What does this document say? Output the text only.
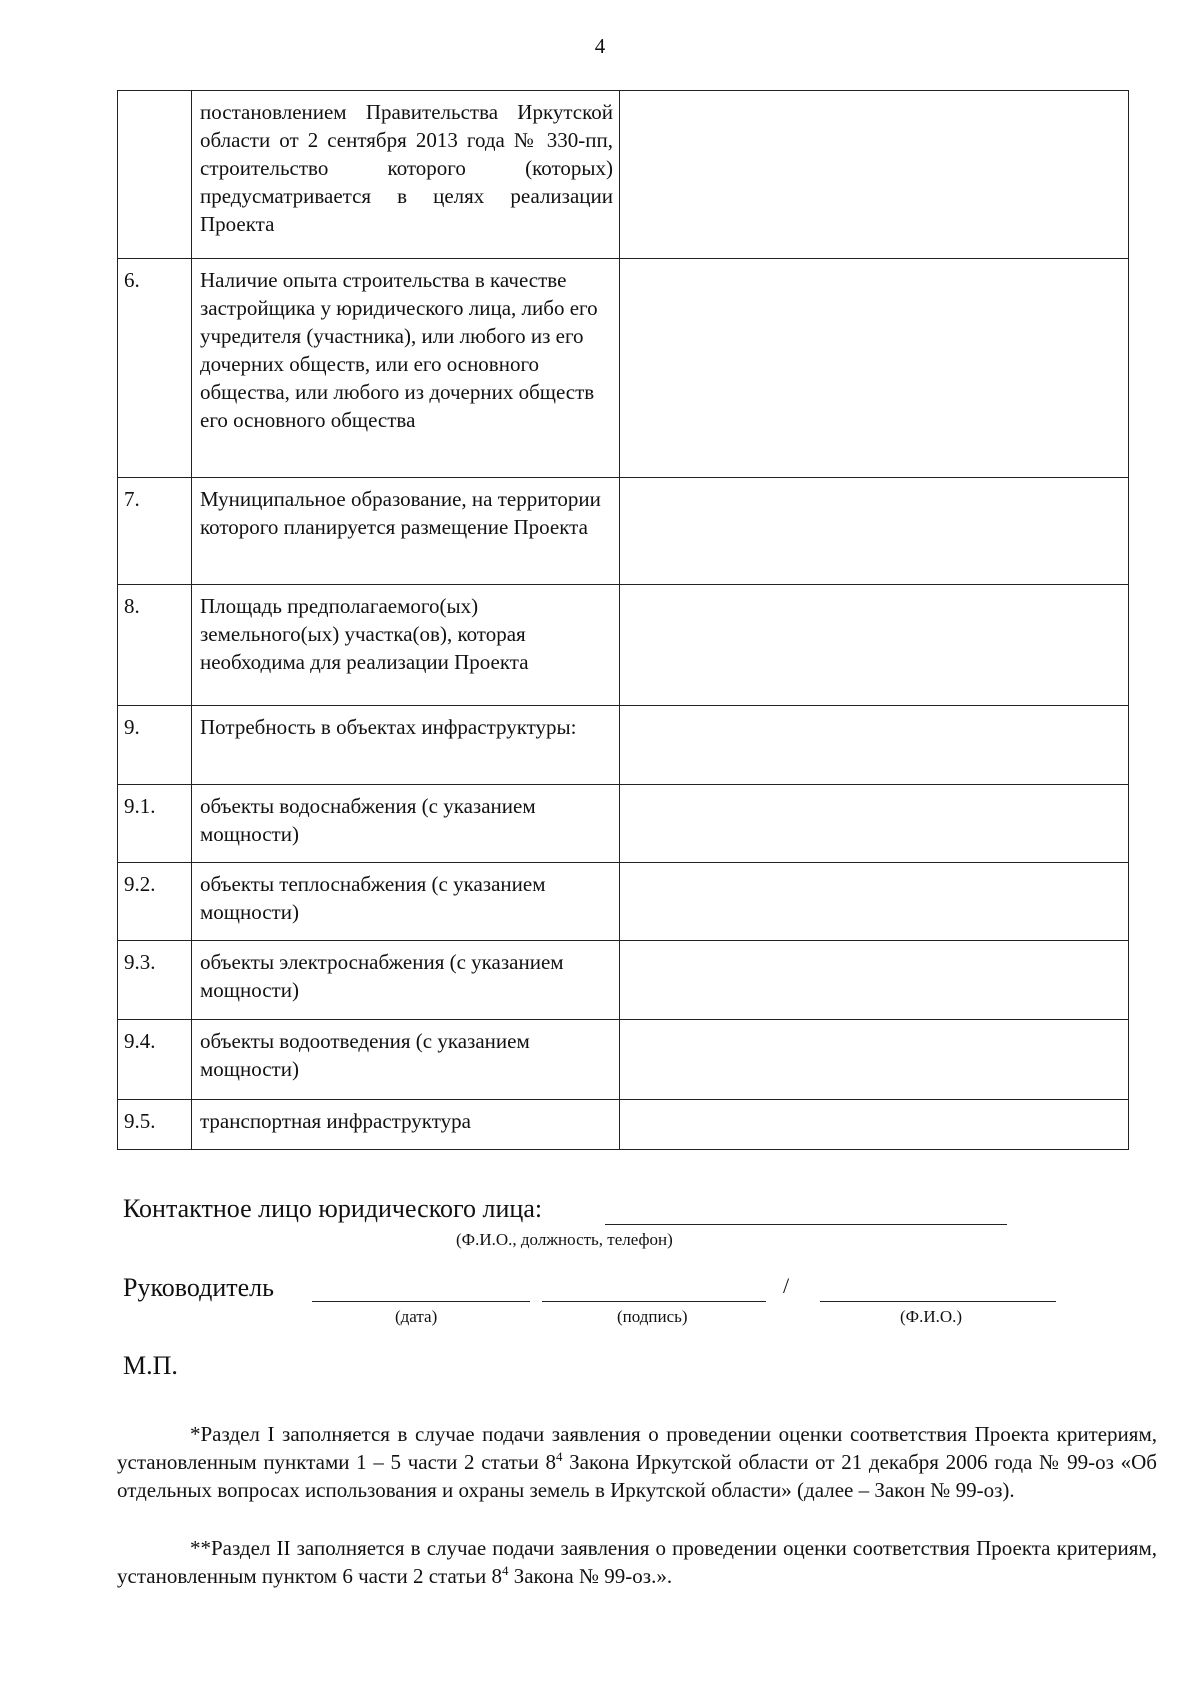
4

	постановлением Правительства Иркутской области от 2 сентября 2013 года № 330-пп, строительство которого (которых) предусматривается в целях реализации Проекта	

6.	Наличие опыта строительства в качестве застройщика у юридического лица, либо его учредителя (участника), или любого из его дочерних обществ, или его основного общества, или любого из дочерних обществ его основного общества	

7.	Муниципальное образование, на территории которого планируется размещение Проекта	

8.	Площадь предполагаемого(ых) земельного(ых) участка(ов), которая необходима для реализации Проекта	

9.	Потребность в объектах инфраструктуры:	

9.1.	объекты водоснабжения (с указанием мощности)	

9.2.	объекты теплоснабжения (с указанием мощности)	

9.3.	объекты электроснабжения (с указанием мощности)	

9.4.	объекты водоотведения (с указанием мощности)	

9.5.	транспортная инфраструктура	

Контактное лицо юридического лица:
(Ф.И.О., должность, телефон)
Руководитель	/
(дата)	(подпись)	(Ф.И.О.)
М.П.
*Раздел I заполняется в случае подачи заявления о проведении оценки соответствия Проекта критериям, установленным пунктами 1 – 5 части 2 статьи $8^4$ Закона Иркутской области от 21 декабря 2006 года № 99-оз «Об отдельных вопросах использования и охраны земель в Иркутской области» (далее – Закон № 99-оз).
**Раздел II заполняется в случае подачи заявления о проведении оценки соответствия Проекта критериям, установленным пунктом 6 части 2 статьи $8^4$ Закона № 99-оз.».
